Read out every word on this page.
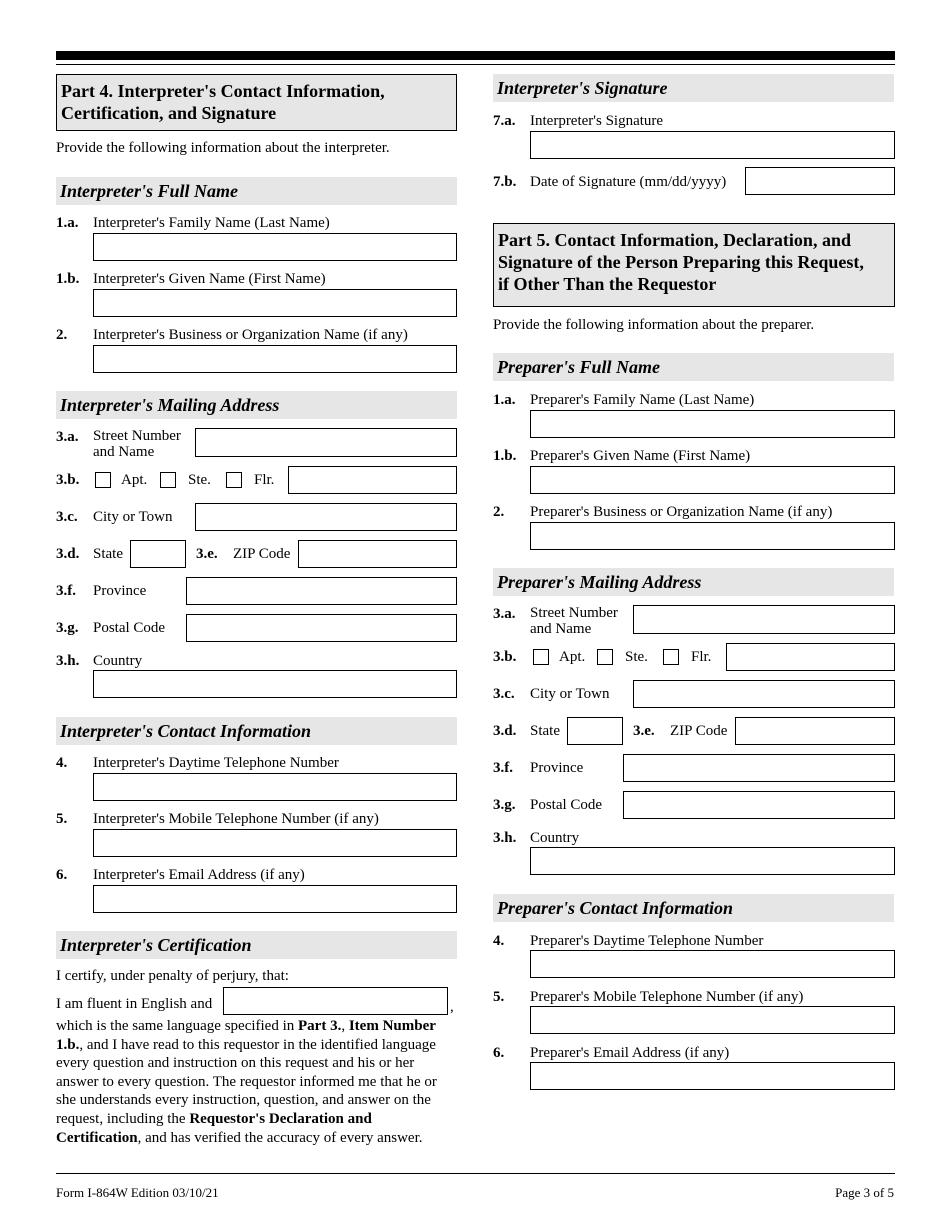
Part 4. Interpreter's Contact Information,
Certification, and Signature
Provide the following information about the interpreter.
Interpreter's Full Name
1.a. Interpreter's Family Name (Last Name)
1.b. Interpreter's Given Name (First Name)
2. Interpreter's Business or Organization Name (if any)
Interpreter's Mailing Address
3.a. Street Number
and Name
3.b.	Apt.	Ste.	Flr.
3.c. City or Town
3.d. State	3.e. ZIP Code
3.f. Province
3.g. Postal Code
3.h. Country
Interpreter's Contact Information
4. Interpreter's Daytime Telephone Number
5. Interpreter's Mobile Telephone Number (if any)
6. Interpreter's Email Address (if any)
Interpreter's Certification
I certify, under penalty of perjury, that:
I am fluent in English and	,
which is the same language specified in Part 3., Item Number
1.b., and I have read to this requestor in the identified language every question and instruction on this request and his or her answer to every question. The requestor informed me that he or she understands every instruction, question, and answer on the request, including the Requestor's Declaration and Certification, and has verified the accuracy of every answer.
Interpreter's Signature
7.a. Interpreter's Signature
7.b. Date of Signature (mm/dd/yyyy)
Part 5. Contact Information, Declaration, and
Signature of the Person Preparing this Request,
if Other Than the Requestor
Provide the following information about the preparer.
Preparer's Full Name
1.a. Preparer's Family Name (Last Name)
1.b. Preparer's Given Name (First Name)
2. Preparer's Business or Organization Name (if any)
Preparer's Mailing Address
3.a. Street Number
and Name
3.b.	Apt.	Ste.	Flr.
3.c. City or Town
3.d. State	3.e. ZIP Code
3.f. Province
3.g. Postal Code
3.h. Country
Preparer's Contact Information
4. Preparer's Daytime Telephone Number
5. Preparer's Mobile Telephone Number (if any)
6. Preparer's Email Address (if any)
Form I-864W Edition 03/10/21	Page 3 of 5
